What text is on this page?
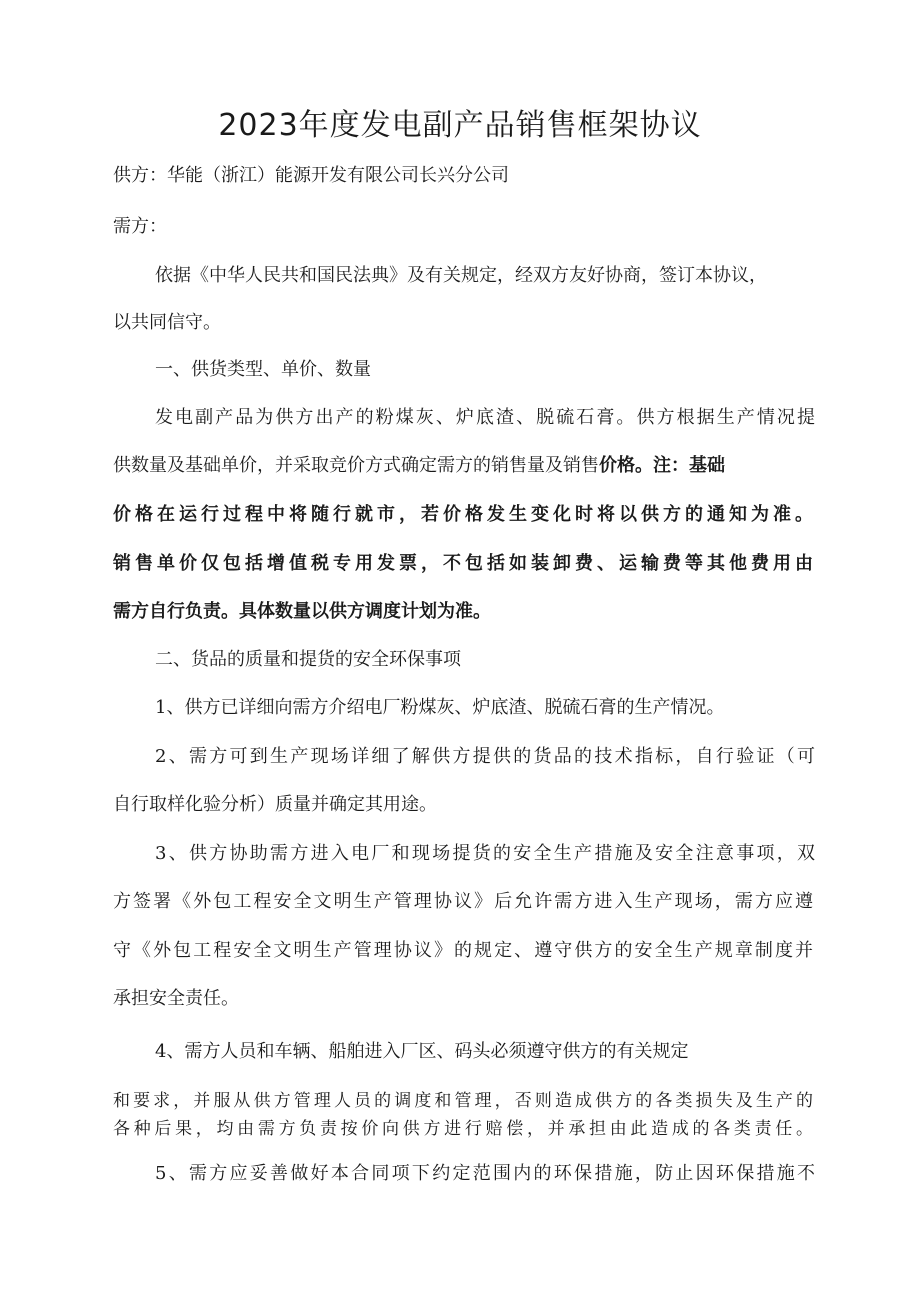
2023年度发电副产品销售框架协议

供方：华能（浙江）能源开发有限公司长兴分公司

需方：

依据《中华人民共和国民法典》及有关规定，经双方友好协商，签订本协议，

以共同信守。

一、供货类型、单价、数量

发电副产品为供方出产的粉煤灰、炉底渣、脱硫石膏。供方根据生产情况提

供数量及基础单价，并采取竞价方式确定需方的销售量及销售价格。注：基础

价格在运行过程中将随行就市，若价格发生变化时将以供方的通知为准。

销售单价仅包括增值税专用发票，不包括如装卸费、运输费等其他费用由

需方自行负责。具体数量以供方调度计划为准。

二、货品的质量和提货的安全环保事项

1、供方已详细向需方介绍电厂粉煤灰、炉底渣、脱硫石膏的生产情况。

2、需方可到生产现场详细了解供方提供的货品的技术指标，自行验证（可

自行取样化验分析）质量并确定其用途。

3、供方协助需方进入电厂和现场提货的安全生产措施及安全注意事项，双

方签署《外包工程安全文明生产管理协议》后允许需方进入生产现场，需方应遵

守《外包工程安全文明生产管理协议》的规定、遵守供方的安全生产规章制度并

承担安全责任。

4、需方人员和车辆、船舶进入厂区、码头必须遵守供方的有关规定

和要求，并服从供方管理人员的调度和管理，否则造成供方的各类损失及生产的

各种后果，均由需方负责按价向供方进行赔偿，并承担由此造成的各类责任。

5、需方应妥善做好本合同项下约定范围内的环保措施，防止因环保措施不
